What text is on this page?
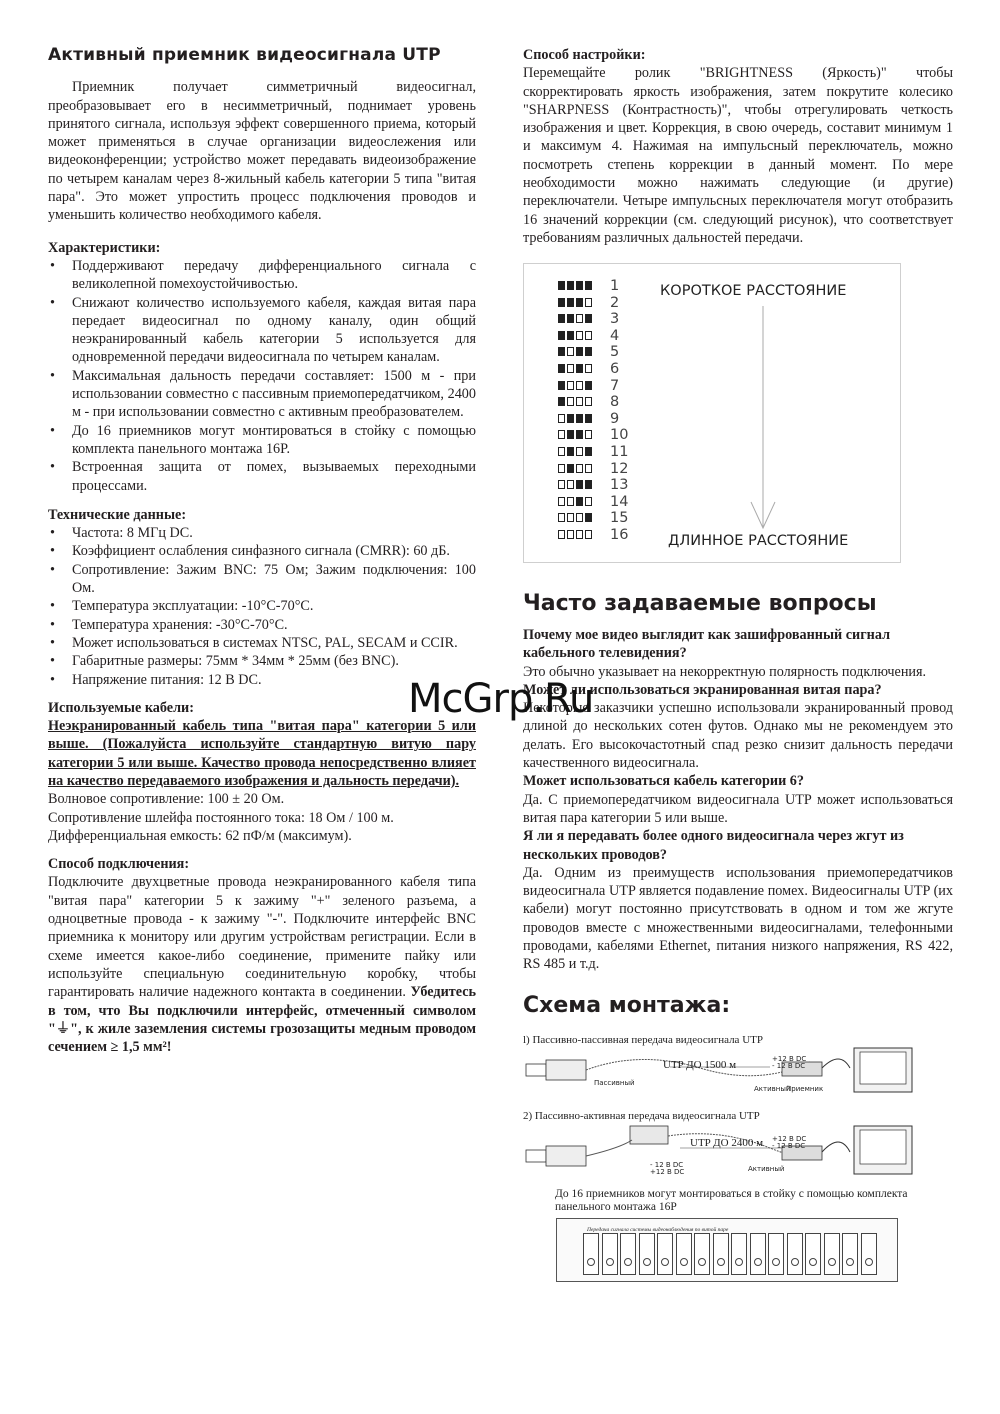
Активный приемник видеосигнала UTP

Приемник получает симметричный видеосигнал, преобразовывает его в несимметричный, поднимает уровень принятого сигнала, используя эффект совершенного приема, который может применяться в случае организации видеослежения или видеоконференции; устройство может передавать видеоизображение по четырем каналам через 8-жильный кабель категории 5 типа "витая пара". Это может упростить процесс подключения проводов и уменьшить количество необходимого кабеля.

Характеристики:
• Поддерживают передачу дифференциального сигнала с великолепной помехоустойчивостью.
• Снижают количество используемого кабеля, каждая витая пара передает видеосигнал по одному каналу, один общий неэкранированный кабель категории 5 используется для одновременной передачи видеосигнала по четырем каналам.
• Максимальная дальность передачи составляет: 1500 м - при использовании совместно с пассивным приемопередатчиком, 2400 м - при использовании совместно с активным преобразователем.
• До 16 приемников могут монтироваться в стойку с помощью комплекта панельного монтажа 16P.
• Встроенная защита от помех, вызываемых переходными процессами.
Технические данные:
• Частота: 8 МГц DC.
• Коэффициент ослабления синфазного сигнала (CMRR): 60 дБ.
• Сопротивление: Зажим BNC: 75 Ом; Зажим подключения: 100 Ом.
• Температура эксплуатации: -10°C-70°C.
• Температура хранения: -30°C-70°C.
• Может использоваться в системах NTSC, PAL, SECAM и CCIR.
• Габаритные размеры: 75мм * 34мм * 25мм (без BNC).
• Напряжение питания: 12 В DC.
Используемые кабели:

Неэкранированный кабель типа "витая пара" категории 5 или выше. (Пожалуйста используйте стандартную витую пару категории 5 или выше. Качество провода непосредственно влияет на качество передаваемого изображения и дальность передачи).

Волновое сопротивление: 100 ± 20 Ом.
Сопротивление шлейфа постоянного тока: 18 Ом / 100 м.
Дифференциальная емкость: 62 пФ/м (максимум).
Способ подключения:

Подключите двухцветные провода неэкранированного кабеля типа "витая пара" категории 5 к зажиму "+" зеленого разъема, а одноцветные провода - к зажиму "-". Подключите интерфейс BNC приемника к монитору или другим устройствам регистрации. Если в схеме имеется какое-либо соединение, примените пайку или используйте специальную соединительную коробку, чтобы гарантировать наличие надежного контакта в соединении. Убедитесь в том, что Вы подключили интерфейс, отмеченный символом "⏚", к жиле заземления системы грозозащиты медным проводом сечением ≥ 1,5 мм²!

Способ настройки:

Перемещайте ролик "BRIGHTNESS (Яркость)" чтобы скорректировать яркость изображения, затем покрутите колесико "SHARPNESS (Контрастность)", чтобы отрегулировать четкость изображения и цвет. Коррекция, в свою очередь, составит минимум 1 и максимум 4. Нажимая на импульсный переключатель, можно посмотреть степень коррекции в данный момент. По мере необходимости можно нажимать следующие (и другие) переключатели. Четыре импульсных переключателя могут отобразить 16 значений коррекции (см. следующий рисунок), что соответствует требованиям различных дальностей передачи.

1
2
3
4
5
6
7
8
9
10
11
12
13
14
15
16
КОРОТКОЕ РАССТОЯНИЕ
ДЛИННОЕ РАССТОЯНИЕ
Часто задаваемые вопросы
Почему мое видео выглядит как зашифрованный сигнал кабельного телевидения?

Это обычно указывает на некорректную полярность подключения.

Может ли использоваться экранированная витая пара?

Некоторые заказчики успешно использовали экранированный провод длиной до нескольких сотен футов. Однако мы не рекомендуем это делать. Его высокочастотный спад резко снизит дальность передачи качественного видеосигнала.

Может использоваться кабель категории 6?

Да. С приемопередатчиком видеосигнала UTP может использоваться витая пара категории 5 или выше.

Я ли я передавать более одного видеосигнала через жгут из нескольких проводов?

Да. Одним из преимуществ использования приемопередатчиков видеосигнала UTP является подавление помех. Видеосигналы UTP (их кабели) могут постоянно присутствовать в одном и том же жгуте проводов вместе с множественными видеосигналами, телефонными проводами, кабелями Ethernet, питания низкого напряжения, RS 422, RS 485 и т.д.

McGrp.Ru
Схема монтажа:
l) Пассивно-пассивная передача видеосигнала UTP
Пассивный
UTP ДО 1500 м	+12 В DC
- 12 В DC
Активный
Приемник
2) Пассивно-активная передача видеосигнала UTP
UTP ДО 2400 м
- 12 В DC
+12 В DC
+12 В DC
- 12 В DC
Активный
До 16 приемников могут монтироваться в стойку с помощью комплекта панельного монтажа 16P
Передача сигнала системы видеонаблюдения по витой паре
